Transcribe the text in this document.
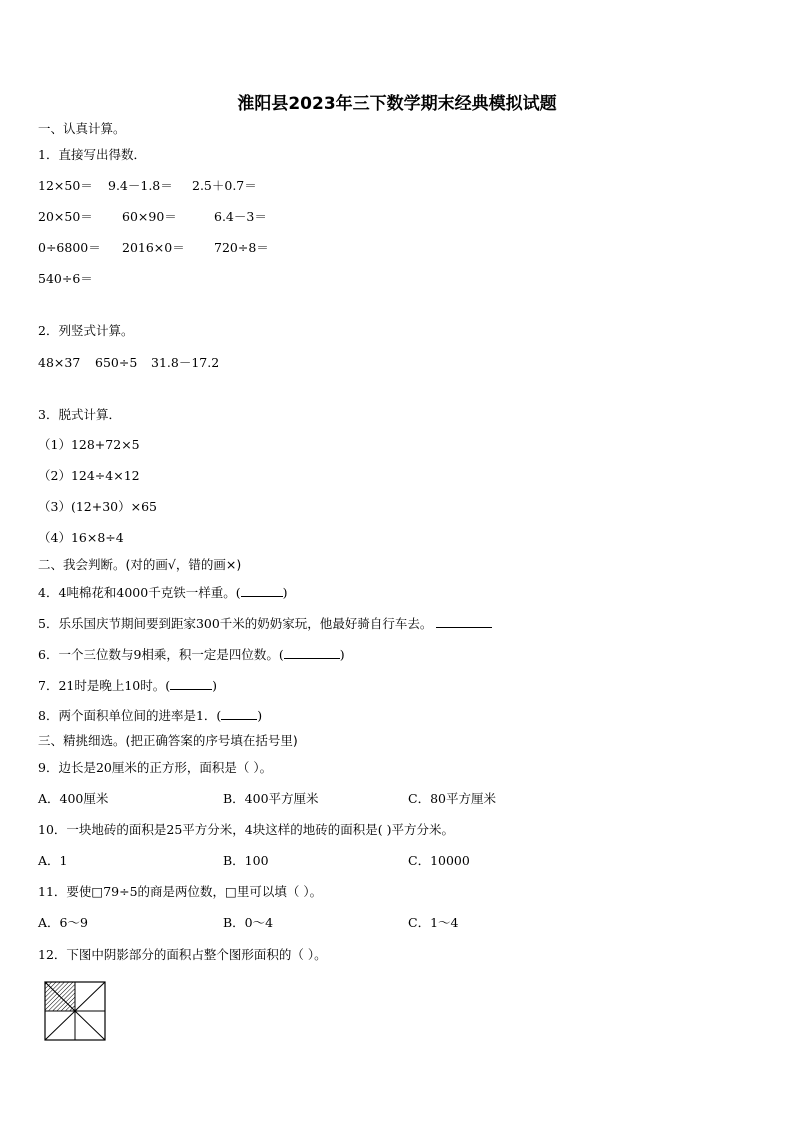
淮阳县2023年三下数学期末经典模拟试题
一、认真计算。
1．直接写出得数．
12×50＝ 9.4－1.8＝ 2.5＋0.7＝
20×50＝ 60×90＝	6.4－3＝
0÷6800＝ 2016×0＝ 720÷8＝
540÷6＝
2．列竖式计算。
48×37 650÷5 31.8－17.2
3．脱式计算．
（1）128+72×5
（2）124÷4×12
（3）(12+30）×65
（4）16×8÷4
二、我会判断。(对的画√，错的画×)
4．4吨棉花和4000千克铁一样重。(	)
5．乐乐国庆节期间要到距家300千米的奶奶家玩，他最好骑自行车去。
6．一个三位数与9相乘，积一定是四位数。(	)
7．21时是晚上10时。(	)
8．两个面积单位间的进率是1．(	)
三、精挑细选。(把正确答案的序号填在括号里)
9．边长是20厘米的正方形，面积是（ ）。
A．400厘米	B．400平方厘米	C．80平方厘米
10．一块地砖的面积是25平方分米，4块这样的地砖的面积是( )平方分米。
A．1	B．100	C．10000
11．要使□79÷5的商是两位数，□里可以填（ ）。
A．6～9	B．0～4	C．1～4
12．下图中阴影部分的面积占整个图形面积的（ ）。
